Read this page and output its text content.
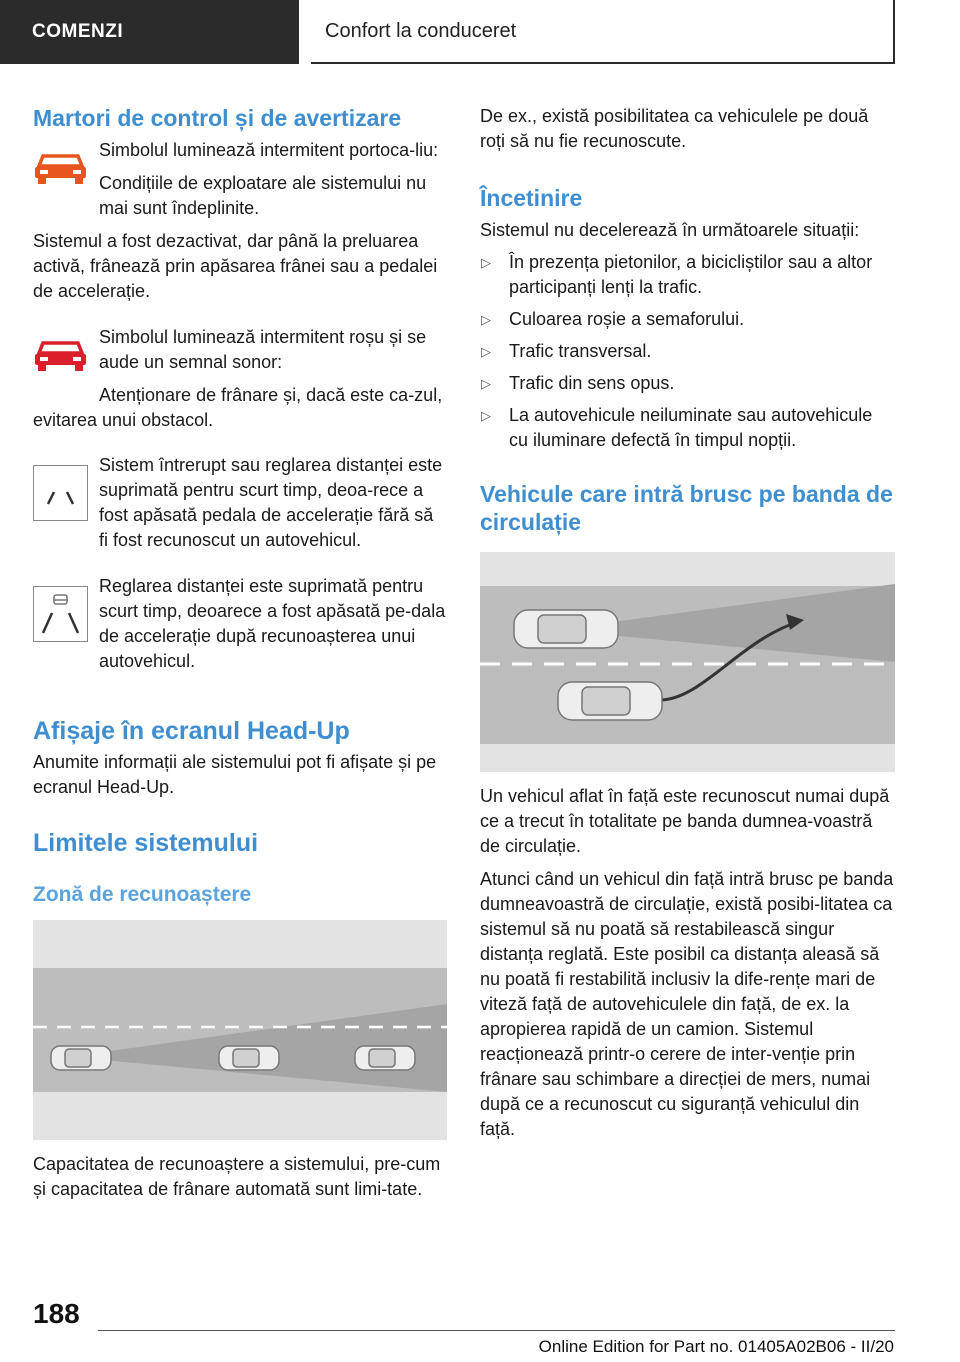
COMENZI	Confort la conduceret
Martori de control și de avertizare

Simbolul luminează intermitent portoca-liu:

Condițiile de exploatare ale sistemului nu mai sunt îndeplinite.

Sistemul a fost dezactivat, dar până la preluarea activă, frânează prin apăsarea frânei sau a pedalei de accelerație.

Simbolul luminează intermitent roșu și se aude un semnal sonor:

Atenționare de frânare și, dacă este ca-zul, evitarea unui obstacol.

Sistem întrerupt sau reglarea distanței este suprimată pentru scurt timp, deoa-rece a fost apăsată pedala de accelerație fără să fi fost recunoscut un autovehicul.

Reglarea distanței este suprimată pentru scurt timp, deoarece a fost apăsată pe-dala de accelerație după recunoașterea unui autovehicul.

Afișaje în ecranul Head-Up

Anumite informații ale sistemului pot fi afișate și pe ecranul Head-Up.

Limitele sistemului
Zonă de recunoaștere

Capacitatea de recunoaștere a sistemului, pre-cum și capacitatea de frânare automată sunt limi-tate.

De ex., există posibilitatea ca vehiculele pe două roți să nu fie recunoscute.

Încetinire

Sistemul nu decelerează în următoarele situații:

▷ În prezența pietonilor, a bicicliștilor sau a altor participanți lenți la trafic.
▷ Culoarea roșie a semaforului.
▷ Trafic transversal.
▷ Trafic din sens opus.
▷ La autovehicule neiluminate sau autovehicule cu iluminare defectă în timpul nopții.
Vehicule care intră brusc pe banda de circulație

Un vehicul aflat în față este recunoscut numai după ce a trecut în totalitate pe banda dumnea-voastră de circulație.

Atunci când un vehicul din față intră brusc pe banda dumneavoastră de circulație, există posibi-litatea ca sistemul să nu poată să restabilească singur distanța reglată. Este posibil ca distanța aleasă să nu poată fi restabilită inclusiv la dife-rențe mari de viteză față de autovehiculele din față, de ex. la apropierea rapidă de un camion. Sistemul reacționează printr-o cerere de inter-venție prin frânare sau schimbare a direcției de mers, numai după ce a recunoscut cu siguranță vehiculul din față.

188
Online Edition for Part no. 01405A02B06 - II/20
